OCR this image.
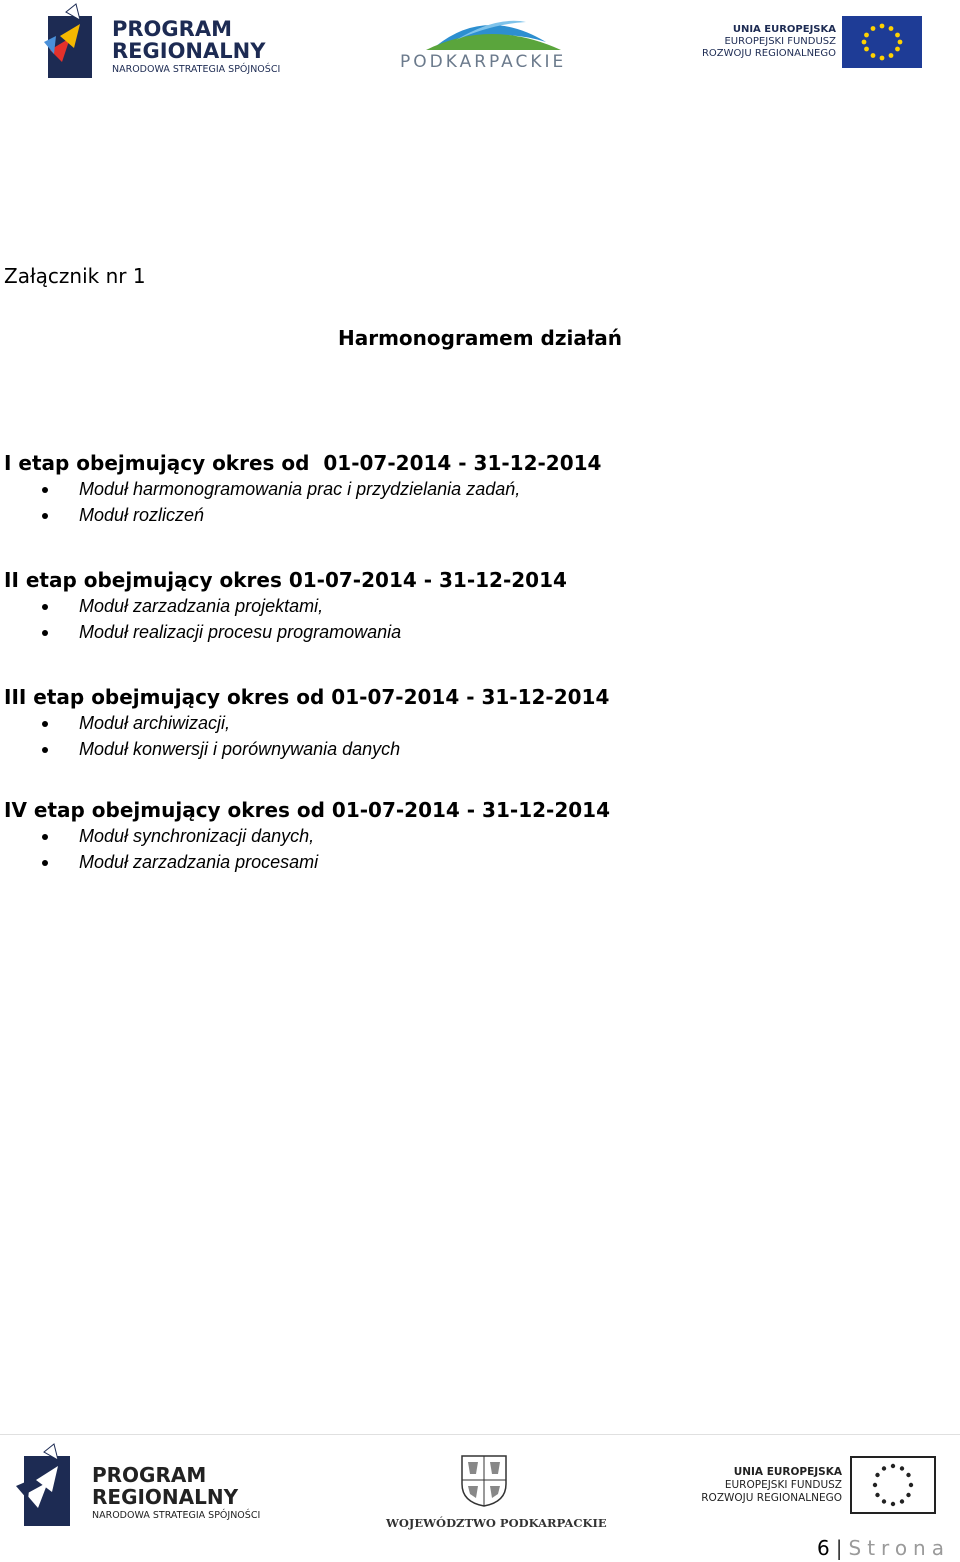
PROGRAM
REGIONALNY
NARODOWA STRATEGIA SPÓJNOŚCI	PODKARPACKIE
UNIA EUROPEJSKA
EUROPEJSKI FUNDUSZ
ROZWOJU REGIONALNEGO
Załącznik nr 1
Harmonogramem działań

I etap obejmujący okres od  01-07-2014 - 31-12-2014

Moduł harmonogramowania prac i przydzielania zadań,
Moduł rozliczeń

II etap obejmujący okres 01-07-2014 - 31-12-2014

Moduł zarzadzania projektami,
Moduł realizacji procesu programowania

III etap obejmujący okres od 01-07-2014 - 31-12-2014

Moduł archiwizacji,
Moduł konwersji i porównywania danych

IV etap obejmujący okres od 01-07-2014 - 31-12-2014

Moduł synchronizacji danych,
Moduł zarzadzania procesami
PROGRAM
REGIONALNY
NARODOWA STRATEGIA SPÓJNOŚCI
WOJEWÓDZTWO PODKARPACKIE
UNIA EUROPEJSKA
EUROPEJSKI FUNDUSZ
ROZWOJU REGIONALNEGO
6 | Strona
